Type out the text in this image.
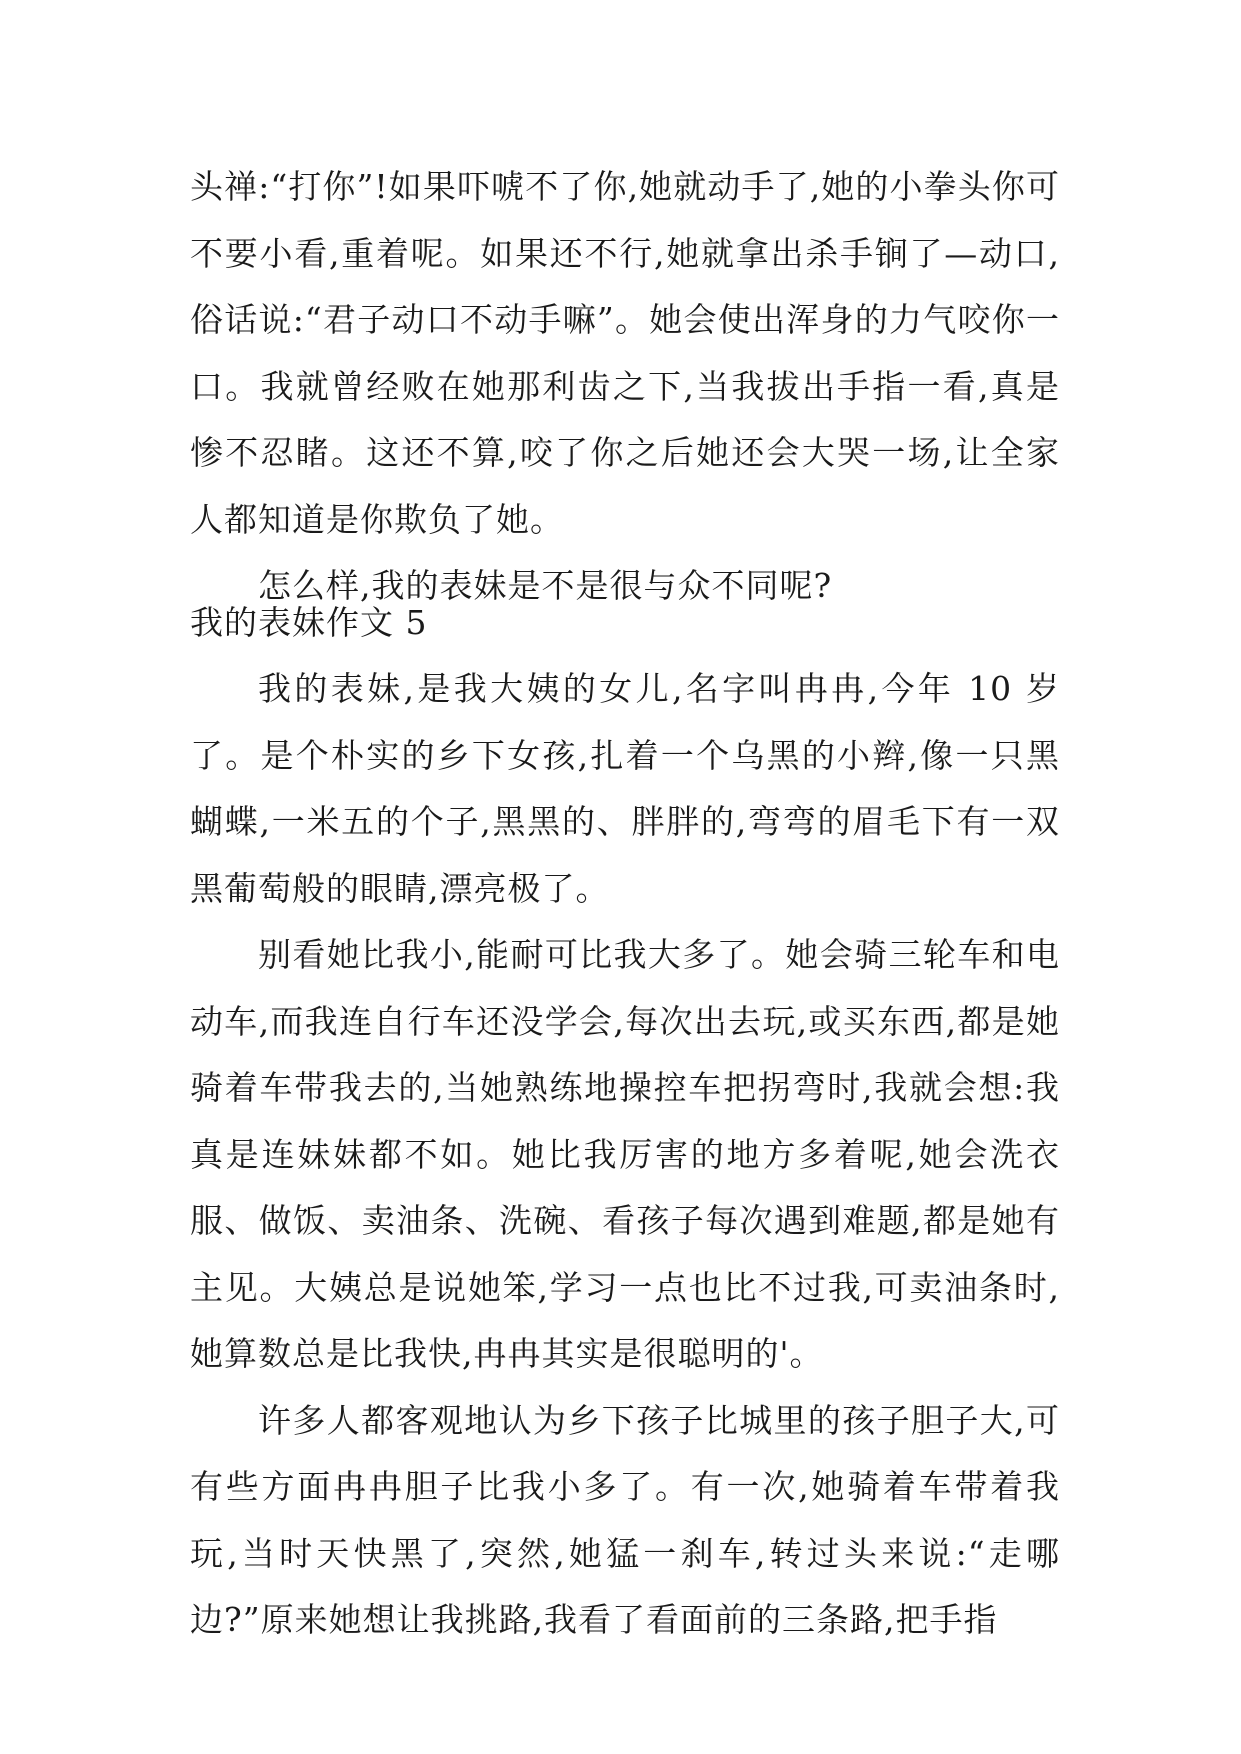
头禅:“打你”!如果吓唬不了你,她就动手了,她的小拳头你可不要小看,重着呢。如果还不行,她就拿出杀手锏了—动口,俗话说:“君子动口不动手嘛”。她会使出浑身的力气咬你一口。我就曾经败在她那利齿之下,当我拔出手指一看,真是惨不忍睹。这还不算,咬了你之后她还会大哭一场,让全家人都知道是你欺负了她。

怎么样,我的表妹是不是很与众不同呢?

我的表妹作文 5

我的表妹,是我大姨的女儿,名字叫冉冉,今年 10 岁了。是个朴实的乡下女孩,扎着一个乌黑的小辫,像一只黑蝴蝶,一米五的个子,黑黑的、胖胖的,弯弯的眉毛下有一双黑葡萄般的眼睛,漂亮极了。

别看她比我小,能耐可比我大多了。她会骑三轮车和电动车,而我连自行车还没学会,每次出去玩,或买东西,都是她骑着车带我去的,当她熟练地操控车把拐弯时,我就会想:我真是连妹妹都不如。她比我厉害的地方多着呢,她会洗衣服、做饭、卖油条、洗碗、看孩子每次遇到难题,都是她有主见。大姨总是说她笨,学习一点也比不过我,可卖油条时,她算数总是比我快,冉冉其实是很聪明的'。

许多人都客观地认为乡下孩子比城里的孩子胆子大,可有些方面冉冉胆子比我小多了。有一次,她骑着车带着我玩,当时天快黑了,突然,她猛一刹车,转过头来说:“走哪边?”原来她想让我挑路,我看了看面前的三条路,把手指
